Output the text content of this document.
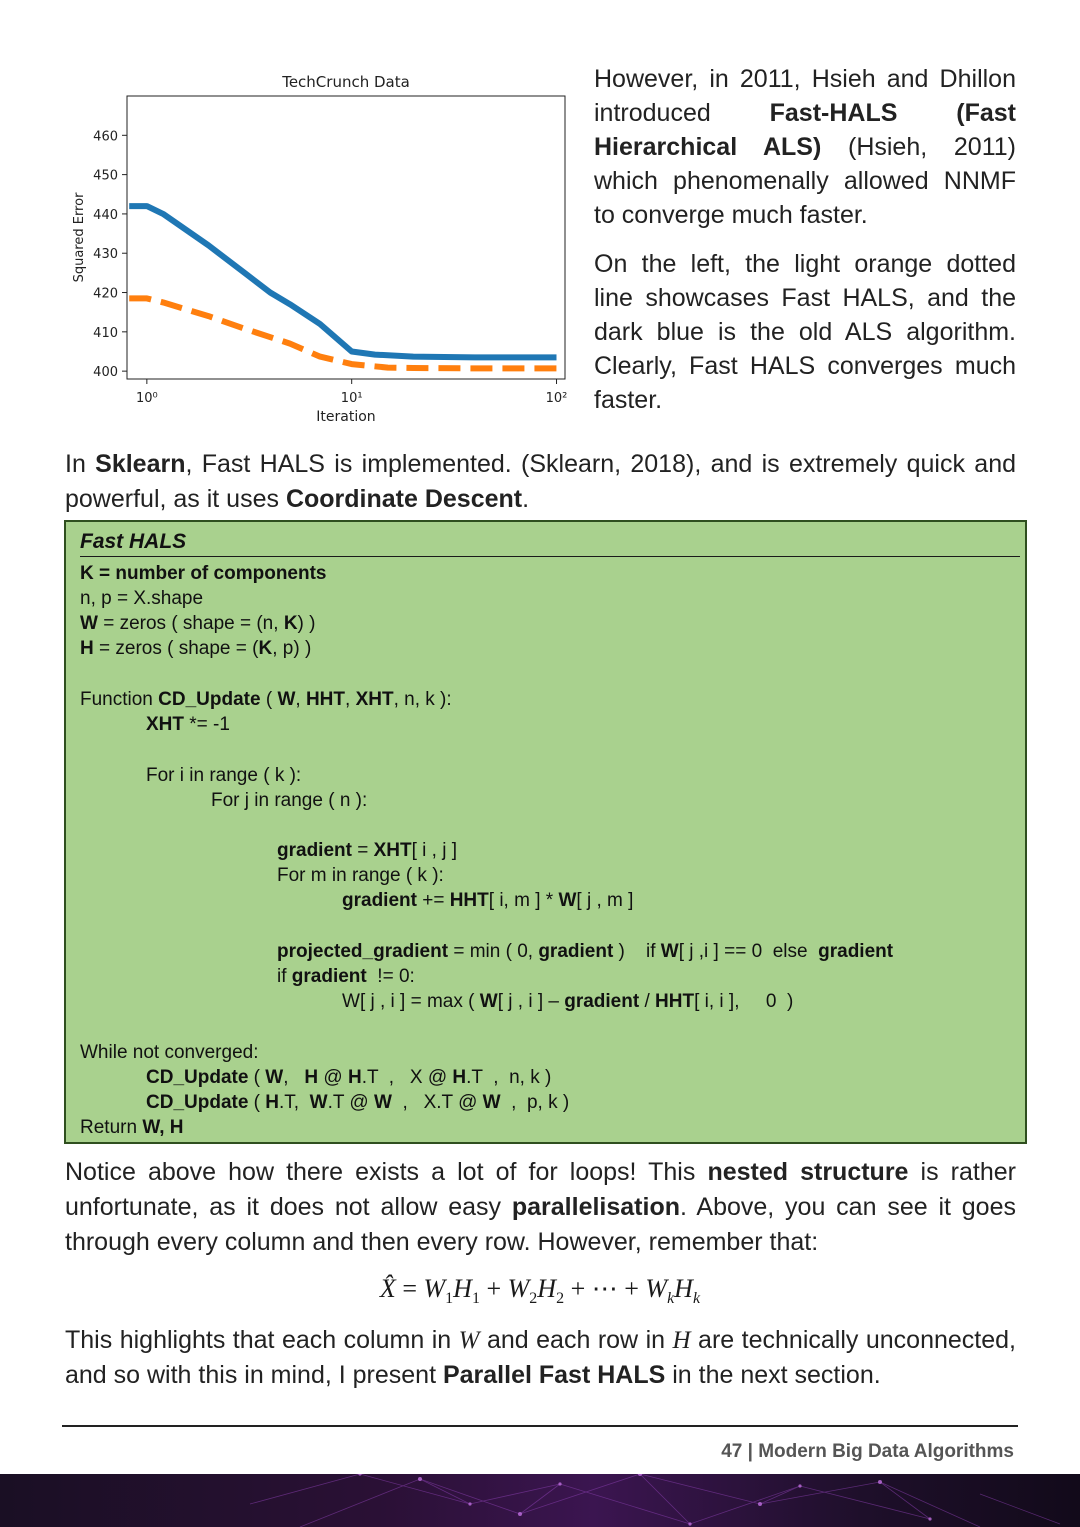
TechCrunch Data
Iteration
Squared Error
400
410
420
430
440
450
460
10⁰	10¹	10²

However, in 2011, Hsieh and Dhillon introduced Fast-HALS (Fast Hierarchical ALS) (Hsieh, 2011) which phenomenally allowed NNMF to converge much faster.

On the left, the light orange dotted line showcases Fast HALS, and the dark blue is the old ALS algorithm. Clearly, Fast HALS converges much faster.

In Sklearn, Fast HALS is implemented. (Sklearn, 2018), and is extremely quick and powerful, as it uses Coordinate Descent.

Fast HALS
K = number of components
n, p = X.shape
W = zeros ( shape = (n, K) )
H = zeros ( shape = (K, p) )
Function CD_Update ( W, HHT, XHT, n, k ):
XHT *= -1
For i in range ( k ):
For j in range ( n ):
gradient = XHT[ i , j ]
For m in range ( k ):
gradient += HHT[ i, m ] * W[ j , m ]
projected_gradient = min ( 0, gradient )    if W[ j ,i ] == 0  else  gradient
if gradient  != 0:
W[ j , i ] = max ( W[ j , i ] – gradient / HHT[ i, i ],     0  )
While not converged:
CD_Update ( W,   H @ H.T  ,   X @ H.T  ,  n, k )
CD_Update ( H.T,  W.T @ W  ,   X.T @ W  ,  p, k )
Return W, H

Notice above how there exists a lot of for loops! This nested structure is rather unfortunate, as it does not allow easy parallelisation. Above, you can see it goes through every column and then every row. However, remember that:

X̂ = $W_1H_1 + W_2H_2$ + ⋯ + $W_kH_k$

This highlights that each column in W and each row in H are technically unconnected, and so with this in mind, I present Parallel Fast HALS in the next section.

47 | Modern Big Data Algorithms
